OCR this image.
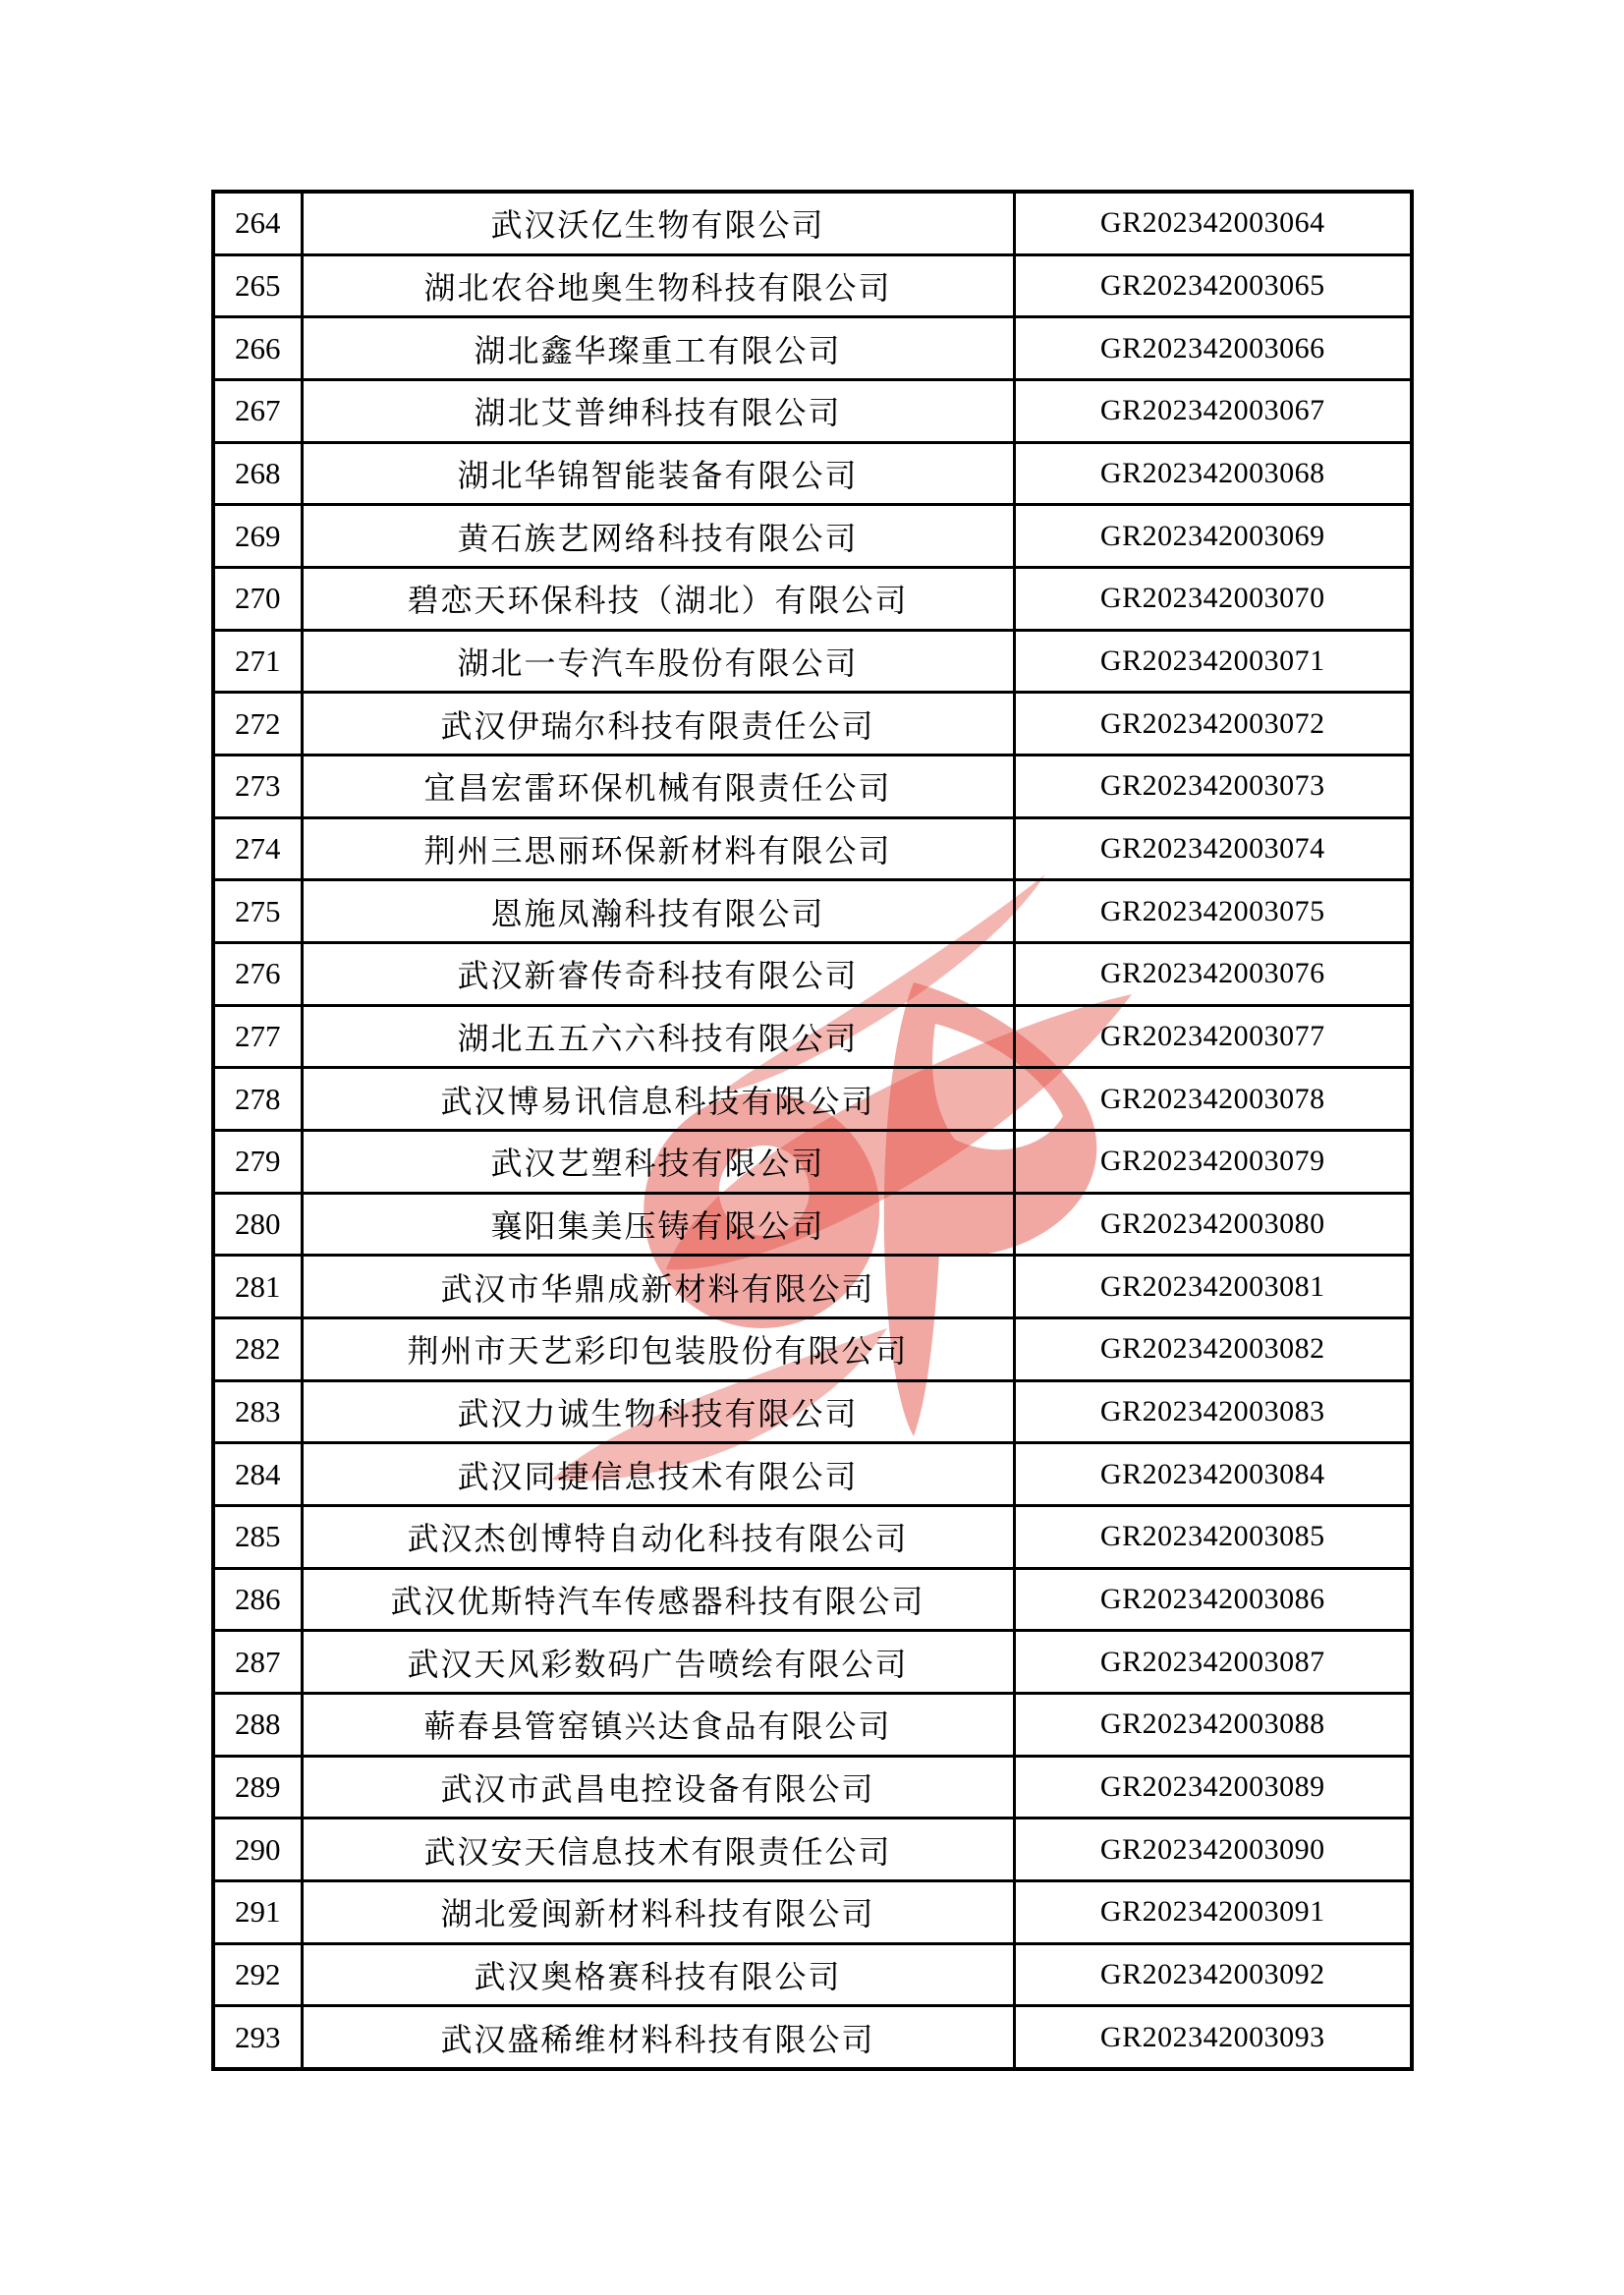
264	武汉沃亿生物有限公司	GR202342003064
265	湖北农谷地奥生物科技有限公司	GR202342003065
266	湖北鑫华璨重工有限公司	GR202342003066
267	湖北艾普绅科技有限公司	GR202342003067
268	湖北华锦智能装备有限公司	GR202342003068
269	黄石族艺网络科技有限公司	GR202342003069
270	碧恋天环保科技（湖北）有限公司	GR202342003070
271	湖北一专汽车股份有限公司	GR202342003071
272	武汉伊瑞尔科技有限责任公司	GR202342003072
273	宜昌宏雷环保机械有限责任公司	GR202342003073
274	荆州三思丽环保新材料有限公司	GR202342003074
275	恩施凤瀚科技有限公司	GR202342003075
276	武汉新睿传奇科技有限公司	GR202342003076
277	湖北五五六六科技有限公司	GR202342003077
278	武汉博易讯信息科技有限公司	GR202342003078
279	武汉艺塑科技有限公司	GR202342003079
280	襄阳集美压铸有限公司	GR202342003080
281	武汉市华鼎成新材料有限公司	GR202342003081
282	荆州市天艺彩印包装股份有限公司	GR202342003082
283	武汉力诚生物科技有限公司	GR202342003083
284	武汉同捷信息技术有限公司	GR202342003084
285	武汉杰创博特自动化科技有限公司	GR202342003085
286	武汉优斯特汽车传感器科技有限公司	GR202342003086
287	武汉天风彩数码广告喷绘有限公司	GR202342003087
288	蕲春县管窑镇兴达食品有限公司	GR202342003088
289	武汉市武昌电控设备有限公司	GR202342003089
290	武汉安天信息技术有限责任公司	GR202342003090
291	湖北爱闽新材料科技有限公司	GR202342003091
292	武汉奥格赛科技有限公司	GR202342003092
293	武汉盛稀维材料科技有限公司	GR202342003093
